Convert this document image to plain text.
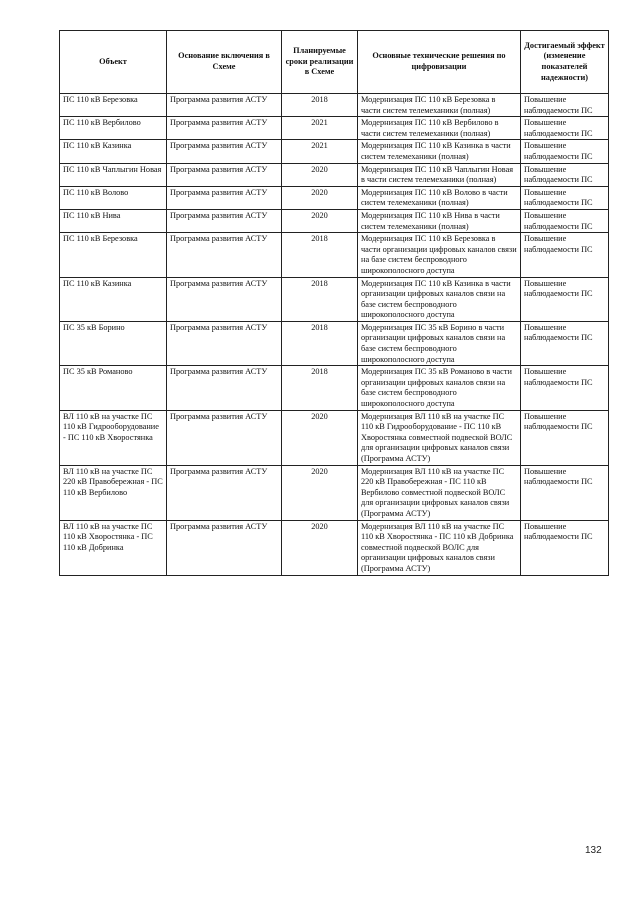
Объект	Основание включения в Схеме	Планируемые сроки реализации в Схеме	Основные технические решения по цифровизации	Достигаемый эффект (изменение показателей надежности)
ПС 110 кВ Березовка	Программа развития АСТУ	2018	Модернизация ПС 110 кВ Березовка в части систем телемеханики (полная)	Повышение наблюдаемости ПС
ПС 110 кВ Вербилово	Программа развития АСТУ	2021	Модернизация ПС 110 кВ Вербилово в части систем телемеханики (полная)	Повышение наблюдаемости ПС
ПС 110 кВ Казинка	Программа развития АСТУ	2021	Модернизация ПС 110 кВ Казинка в части систем телемеханики (полная)	Повышение наблюдаемости ПС
ПС 110 кВ Чаплыгин Новая	Программа развития АСТУ	2020	Модернизация ПС 110 кВ Чаплыгин Новая в части систем телемеханики (полная)	Повышение наблюдаемости ПС
ПС 110 кВ Волово	Программа развития АСТУ	2020	Модернизация ПС 110 кВ Волово в части систем телемеханики (полная)	Повышение наблюдаемости ПС
ПС 110 кВ Нива	Программа развития АСТУ	2020	Модернизация ПС 110 кВ Нива в части систем телемеханики (полная)	Повышение наблюдаемости ПС
ПС 110 кВ Березовка	Программа развития АСТУ	2018	Модернизация ПС 110 кВ Березовка в части организации цифровых каналов связи на базе систем беспроводного широкополосного доступа	Повышение наблюдаемости ПС
ПС 110 кВ Казинка	Программа развития АСТУ	2018	Модернизация ПС 110 кВ Казинка в части организации цифровых каналов связи на базе систем беспроводного широкополосного доступа	Повышение наблюдаемости ПС
ПС 35 кВ Борино	Программа развития АСТУ	2018	Модернизация ПС 35 кВ Борино в части организации цифровых каналов связи на базе систем беспроводного широкополосного доступа	Повышение наблюдаемости ПС
ПС 35 кВ Романово	Программа развития АСТУ	2018	Модернизация ПС 35 кВ Романово в части организации цифровых каналов связи на базе систем беспроводного широкополосного доступа	Повышение наблюдаемости ПС
ВЛ 110 кВ на участке ПС 110 кВ Гидрооборудование - ПС 110 кВ Хворостянка	Программа развития АСТУ	2020	Модернизация ВЛ 110 кВ на участке ПС 110 кВ Гидрооборудование - ПС 110 кВ Хворостянка совместной подвеской ВОЛС для организации цифровых каналов связи (Программа АСТУ)	Повышение наблюдаемости ПС
ВЛ 110 кВ на участке ПС 220 кВ Правобережная - ПС 110 кВ Вербилово	Программа развития АСТУ	2020	Модернизация ВЛ 110 кВ на участке ПС 220 кВ Правобережная - ПС 110 кВ Вербилово совместной подвеской ВОЛС для организации цифровых каналов связи (Программа АСТУ)	Повышение наблюдаемости ПС
ВЛ 110 кВ на участке ПС 110 кВ Хворостянка - ПС 110 кВ Добринка	Программа развития АСТУ	2020	Модернизация ВЛ 110 кВ на участке ПС 110 кВ Хворостянка - ПС 110 кВ Добринка совместной подвеской ВОЛС для организации цифровых каналов связи (Программа АСТУ)	Повышение наблюдаемости ПС
132
